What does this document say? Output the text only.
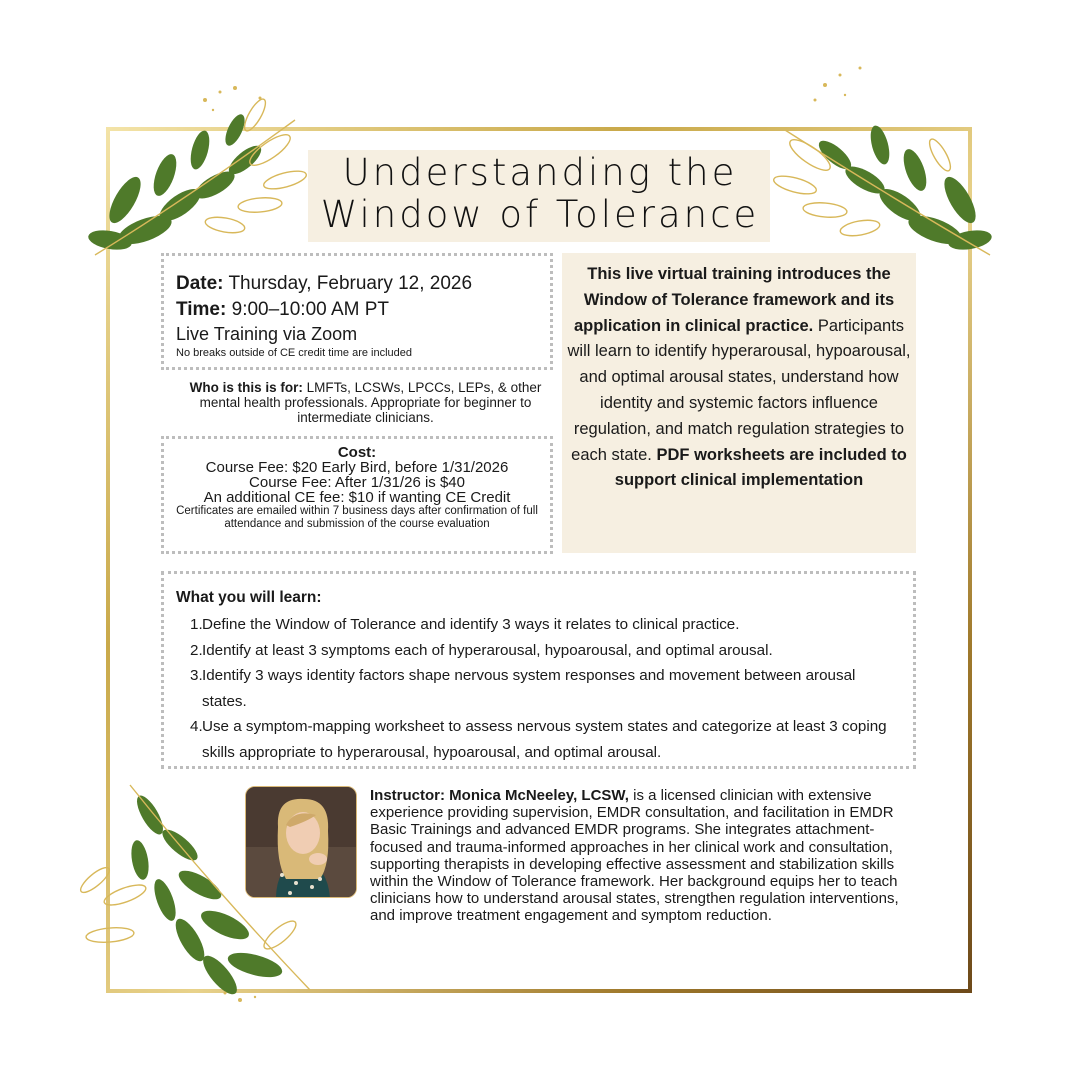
Understanding the
Window of Tolerance
Date: Thursday, February 12, 2026
Time: 9:00–10:00 AM PT
Live Training via Zoom
No breaks outside of CE credit time are included
Who is this is for: LMFTs, LCSWs, LPCCs, LEPs, & other mental health professionals. Appropriate for beginner to intermediate clinicians.
Cost:
Course Fee: $20 Early Bird, before 1/31/2026
Course Fee: After 1/31/26 is $40
An additional CE fee: $10 if wanting CE Credit
Certificates are emailed within 7 business days after confirmation of full attendance and submission of the course evaluation

This live virtual training introduces the Window of Tolerance framework and its application in clinical practice. Participants will learn to identify hyperarousal, hypoarousal, and optimal arousal states, understand how identity and systemic factors influence regulation, and match regulation strategies to each state. PDF worksheets are included to support clinical implementation

What you will learn:
1. Define the Window of Tolerance and identify 3 ways it relates to clinical practice.
2. Identify at least 3 symptoms each of hyperarousal, hypoarousal, and optimal arousal.
3. Identify 3 ways identity factors shape nervous system responses and movement between arousal states.
4. Use a symptom-mapping worksheet to assess nervous system states and categorize at least 3 coping skills appropriate to hyperarousal, hypoarousal, and optimal arousal.

Instructor: Monica McNeeley, LCSW, is a licensed clinician with extensive experience providing supervision, EMDR consultation, and facilitation in EMDR Basic Trainings and advanced EMDR programs. She integrates attachment-focused and trauma-informed approaches in her clinical work and consultation, supporting therapists in developing effective assessment and stabilization skills within the Window of Tolerance framework. Her background equips her to teach clinicians how to understand arousal states, strengthen regulation interventions, and improve treatment engagement and symptom reduction.
